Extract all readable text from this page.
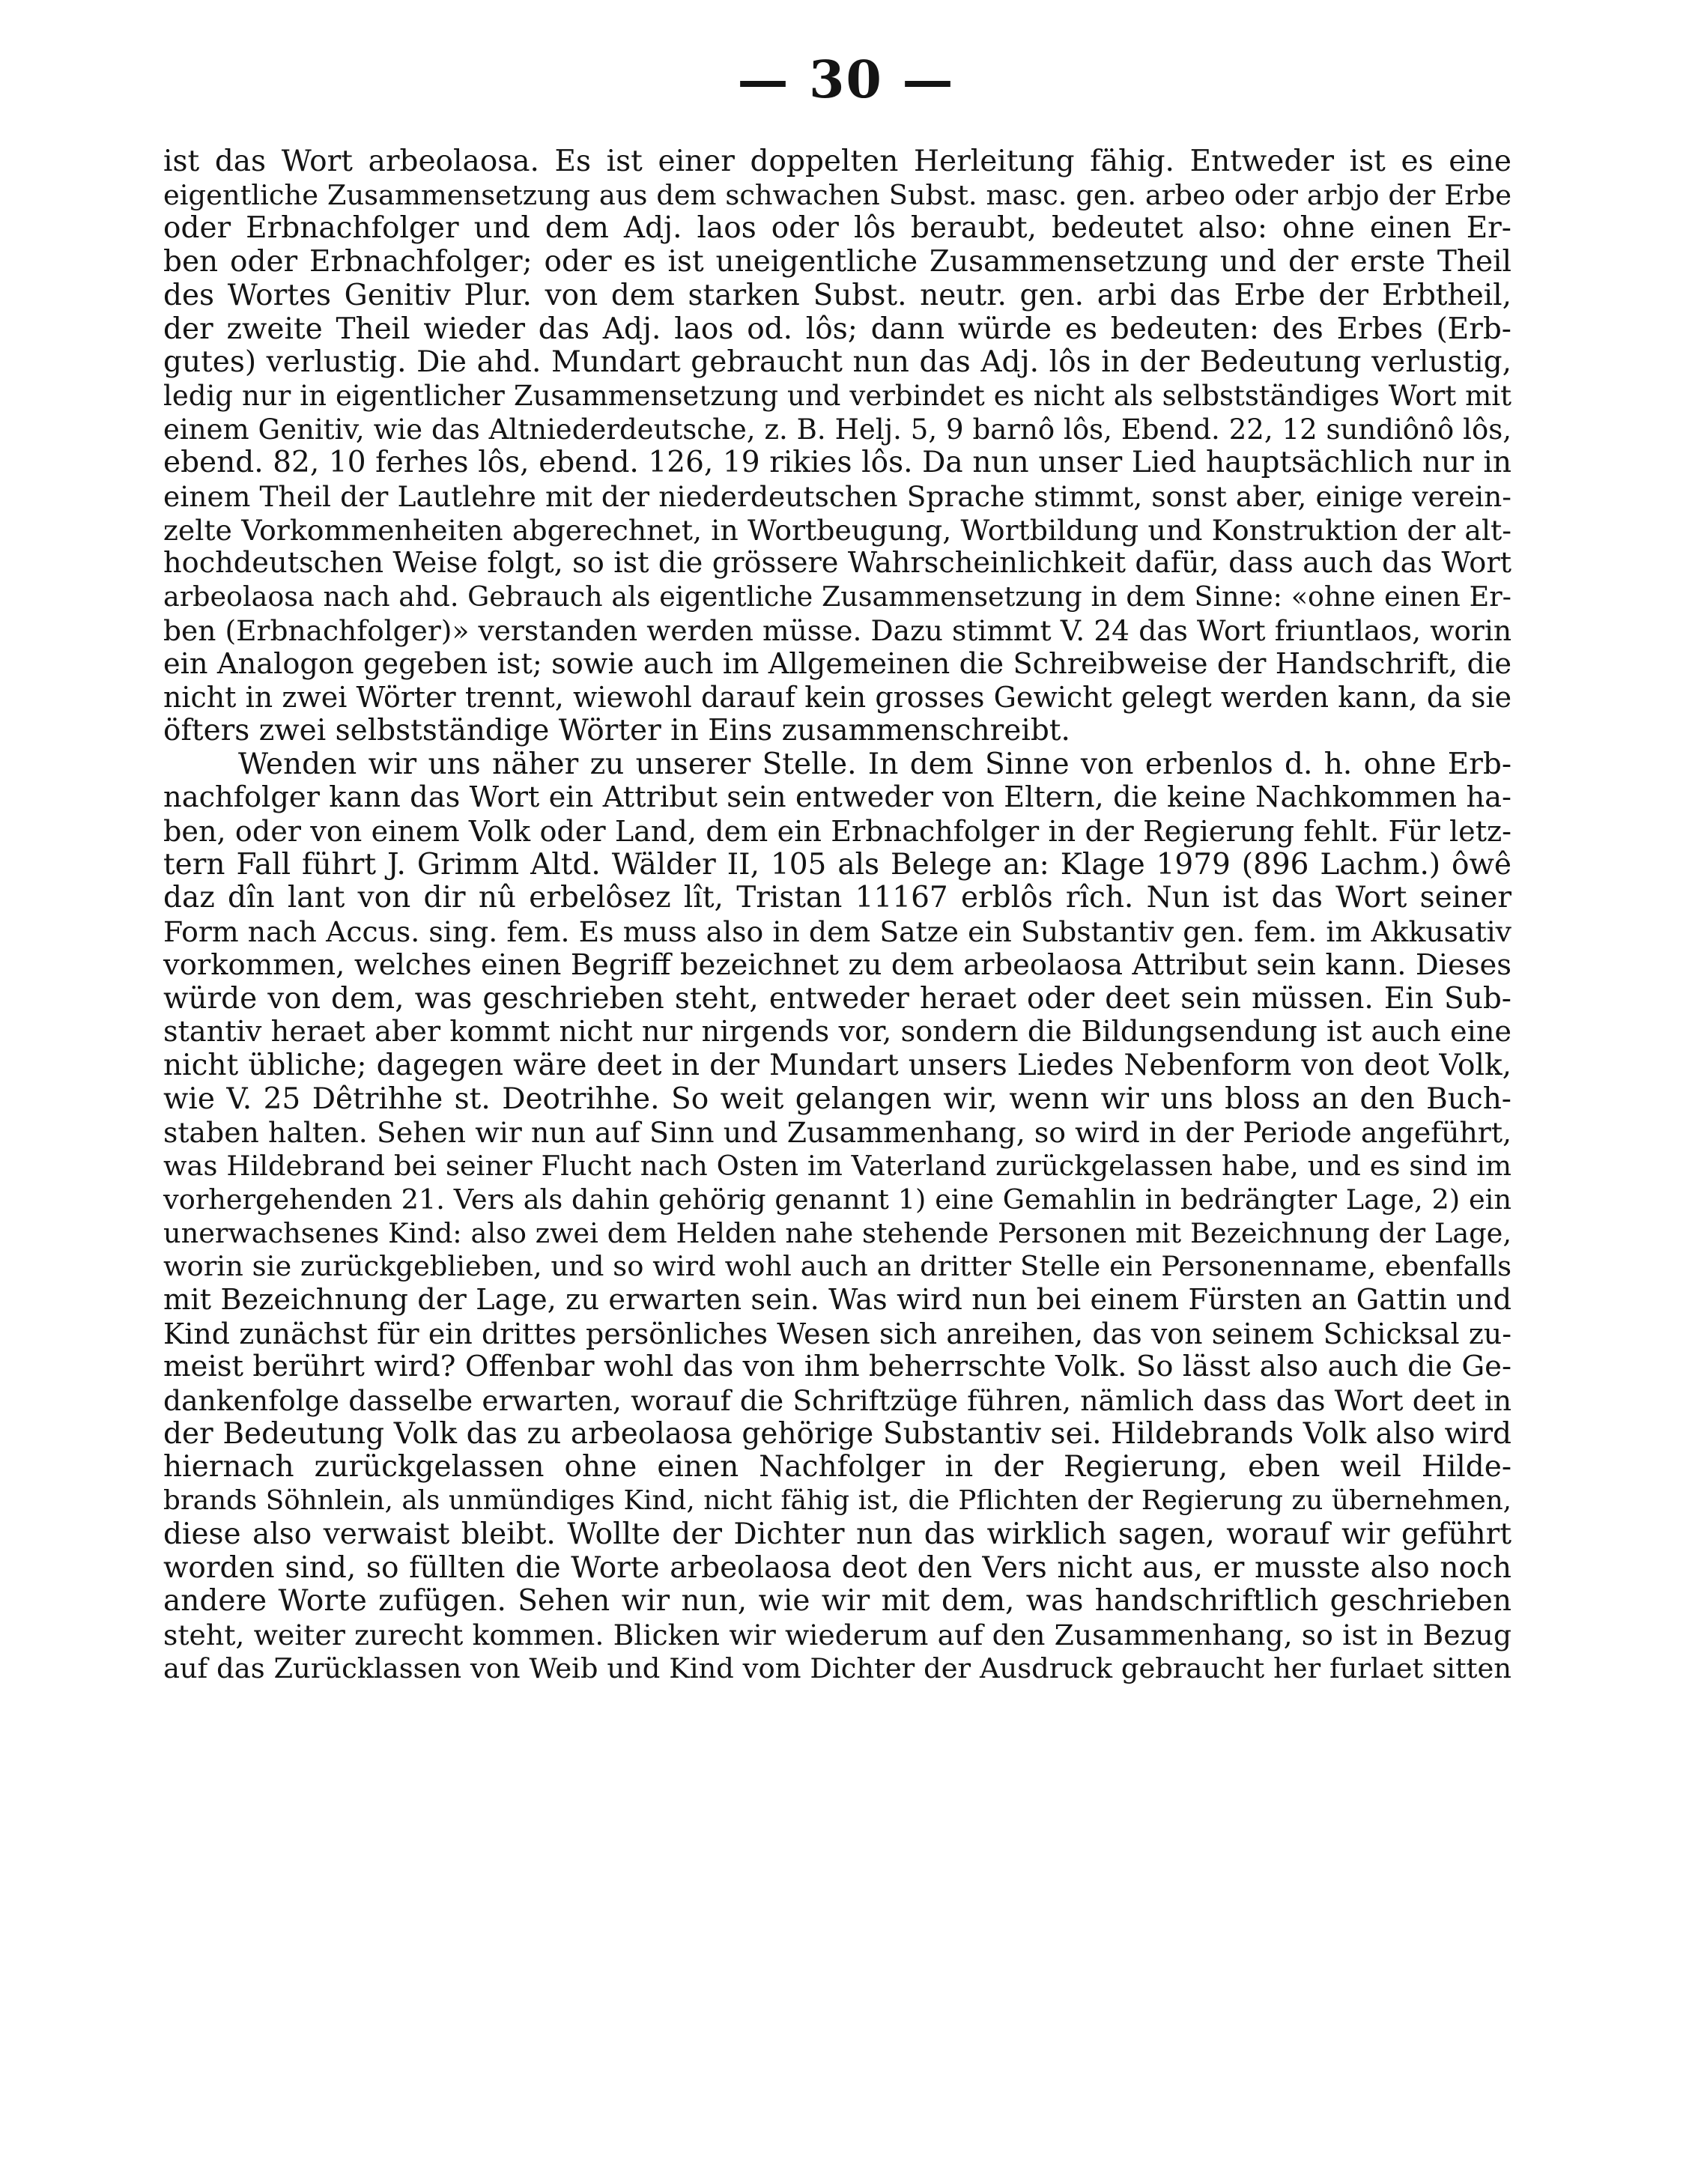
— 30 —
ist das Wort arbeolaosa. Es ist einer doppelten Herleitung fähig. Entweder ist es eine
eigentliche Zusammensetzung aus dem schwachen Subst. masc. gen. arbeo oder arbjo der Erbe
oder Erbnachfolger und dem Adj. laos oder lôs beraubt, bedeutet also: ohne einen Er-
ben oder Erbnachfolger; oder es ist uneigentliche Zusammensetzung und der erste Theil
des Wortes Genitiv Plur. von dem starken Subst. neutr. gen. arbi das Erbe der Erbtheil,
der zweite Theil wieder das Adj. laos od. lôs; dann würde es bedeuten: des Erbes (Erb-
gutes) verlustig. Die ahd. Mundart gebraucht nun das Adj. lôs in der Bedeutung verlustig,
ledig nur in eigentlicher Zusammensetzung und verbindet es nicht als selbstständiges Wort mit
einem Genitiv, wie das Altniederdeutsche, z. B. Helj. 5, 9 barnô lôs, Ebend. 22, 12 sundiônô lôs,
ebend. 82, 10 ferhes lôs, ebend. 126, 19 rikies lôs. Da nun unser Lied hauptsächlich nur in
einem Theil der Lautlehre mit der niederdeutschen Sprache stimmt, sonst aber, einige verein-
zelte Vorkommenheiten abgerechnet, in Wortbeugung, Wortbildung und Konstruktion der alt-
hochdeutschen Weise folgt, so ist die grössere Wahrscheinlichkeit dafür, dass auch das Wort
arbeolaosa nach ahd. Gebrauch als eigentliche Zusammensetzung in dem Sinne: «ohne einen Er-
ben (Erbnachfolger)» verstanden werden müsse. Dazu stimmt V. 24 das Wort friuntlaos, worin
ein Analogon gegeben ist; sowie auch im Allgemeinen die Schreibweise der Handschrift, die
nicht in zwei Wörter trennt, wiewohl darauf kein grosses Gewicht gelegt werden kann, da sie
öfters zwei selbstständige Wörter in Eins zusammenschreibt.
Wenden wir uns näher zu unserer Stelle. In dem Sinne von erbenlos d. h. ohne Erb-
nachfolger kann das Wort ein Attribut sein entweder von Eltern, die keine Nachkommen ha-
ben, oder von einem Volk oder Land, dem ein Erbnachfolger in der Regierung fehlt. Für letz-
tern Fall führt J. Grimm Altd. Wälder II, 105 als Belege an: Klage 1979 (896 Lachm.) ôwê
daz dîn lant von dir nû erbelôsez lît, Tristan 11167 erblôs rîch. Nun ist das Wort seiner
Form nach Accus. sing. fem. Es muss also in dem Satze ein Substantiv gen. fem. im Akkusativ
vorkommen, welches einen Begriff bezeichnet zu dem arbeolaosa Attribut sein kann. Dieses
würde von dem, was geschrieben steht, entweder heraet oder deet sein müssen. Ein Sub-
stantiv heraet aber kommt nicht nur nirgends vor, sondern die Bildungsendung ist auch eine
nicht übliche; dagegen wäre deet in der Mundart unsers Liedes Nebenform von deot Volk,
wie V. 25 Dêtrihhe st. Deotrihhe. So weit gelangen wir, wenn wir uns bloss an den Buch-
staben halten. Sehen wir nun auf Sinn und Zusammenhang, so wird in der Periode angeführt,
was Hildebrand bei seiner Flucht nach Osten im Vaterland zurückgelassen habe, und es sind im
vorhergehenden 21. Vers als dahin gehörig genannt 1) eine Gemahlin in bedrängter Lage, 2) ein
unerwachsenes Kind: also zwei dem Helden nahe stehende Personen mit Bezeichnung der Lage,
worin sie zurückgeblieben, und so wird wohl auch an dritter Stelle ein Personenname, ebenfalls
mit Bezeichnung der Lage, zu erwarten sein. Was wird nun bei einem Fürsten an Gattin und
Kind zunächst für ein drittes persönliches Wesen sich anreihen, das von seinem Schicksal zu-
meist berührt wird? Offenbar wohl das von ihm beherrschte Volk. So lässt also auch die Ge-
dankenfolge dasselbe erwarten, worauf die Schriftzüge führen, nämlich dass das Wort deet in
der Bedeutung Volk das zu arbeolaosa gehörige Substantiv sei. Hildebrands Volk also wird
hiernach zurückgelassen ohne einen Nachfolger in der Regierung, eben weil Hilde-
brands Söhnlein, als unmündiges Kind, nicht fähig ist, die Pflichten der Regierung zu übernehmen,
diese also verwaist bleibt. Wollte der Dichter nun das wirklich sagen, worauf wir geführt
worden sind, so füllten die Worte arbeolaosa deot den Vers nicht aus, er musste also noch
andere Worte zufügen. Sehen wir nun, wie wir mit dem, was handschriftlich geschrieben
steht, weiter zurecht kommen. Blicken wir wiederum auf den Zusammenhang, so ist in Bezug
auf das Zurücklassen von Weib und Kind vom Dichter der Ausdruck gebraucht her furlaet sitten
